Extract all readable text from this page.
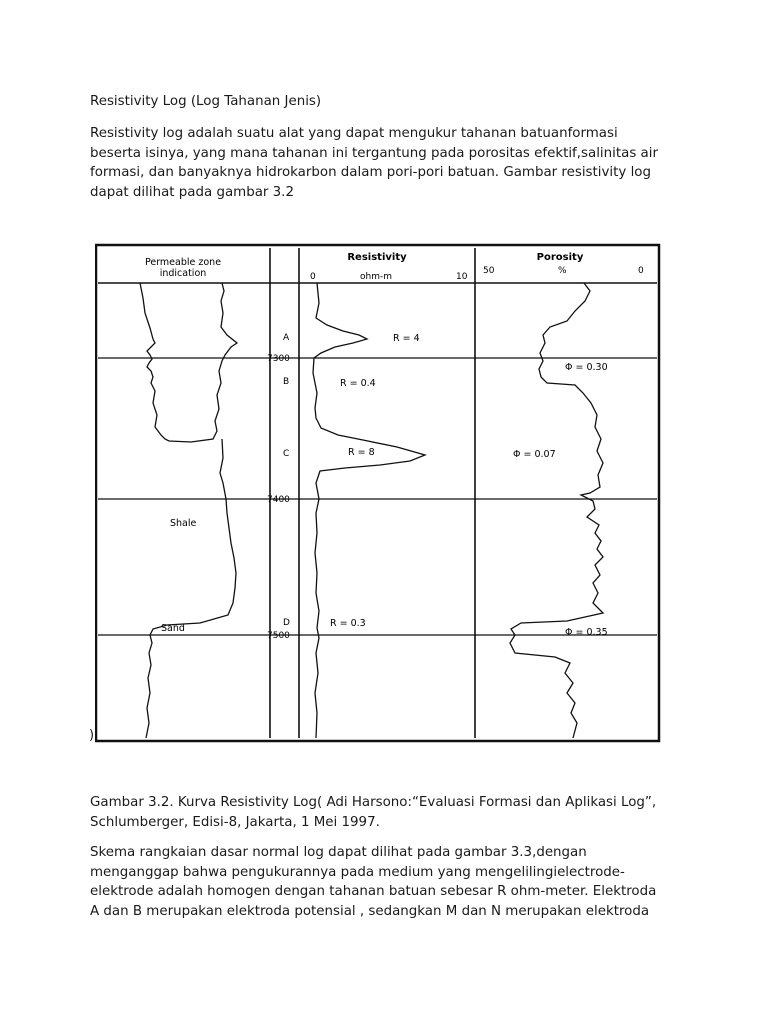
Resistivity Log (Log Tahanan Jenis)
Resistivity log adalah suatu alat yang dapat mengukur tahanan batuanformasi
beserta isinya, yang mana tahanan ini tergantung pada porositas efektif,salinitas air
formasi, dan banyaknya hidrokarbon dalam pori-pori batuan. Gambar resistivity log
dapat dilihat pada gambar 3.2
Permeable zone
indication
Resistivity
0	ohm-m	10
Porosity
50	%	0
7300
7400
7500
A
B
C
D
Shale
Sand
R = 4
R = 0.4
R = 8
R = 0.3
Φ = 0.30
Φ = 0.07
Φ = 0.35
)
Gambar 3.2. Kurva Resistivity Log( Adi Harsono:“Evaluasi Formasi dan Aplikasi Log”,
Schlumberger, Edisi-8, Jakarta, 1 Mei 1997.
Skema rangkaian dasar normal log dapat dilihat pada gambar 3.3,dengan
menganggap bahwa pengukurannya pada medium yang mengelilingielectrode-
elektrode adalah homogen dengan tahanan batuan sebesar R ohm-meter. Elektroda
A dan B merupakan elektroda potensial , sedangkan M dan N merupakan elektroda
